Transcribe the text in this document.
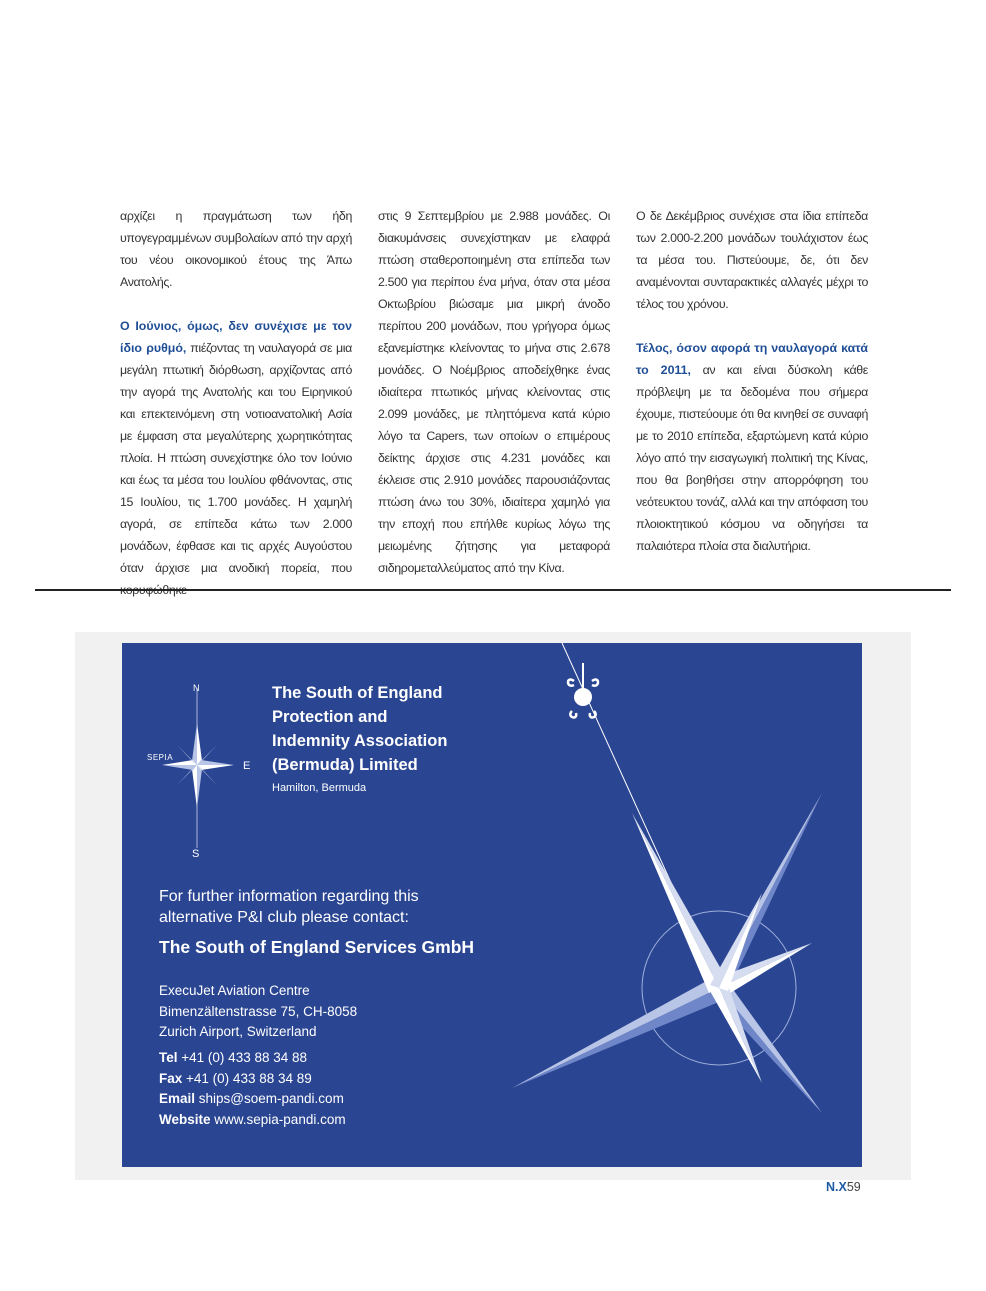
αρχίζει η πραγμάτωση των ήδη υπογεγραμμένων συμβολαίων από την αρχή του νέου οικονομικού έτους της Άπω Ανατολής.

Ο Ιούνιος, όμως, δεν συνέχισε με τον ίδιο ρυθμό, πιέζοντας τη ναυλαγορά σε μια μεγάλη πτωτική διόρθωση, αρχίζοντας από την αγορά της Ανατολής και του Ειρηνικού και επεκτεινόμενη στη νοτιοανατολική Ασία με έμφαση στα μεγαλύτερης χωρητικότητας πλοία. Η πτώση συνεχίστηκε όλο τον Ιούνιο και έως τα μέσα του Ιουλίου φθάνοντας, στις 15 Ιουλίου, τις 1.700 μονάδες. Η χαμηλή αγορά, σε επίπεδα κάτω των 2.000 μονάδων, έφθασε και τις αρχές Αυγούστου όταν άρχισε μια ανοδική πορεία, που

στις 9 Σεπτεμβρίου με 2.988 μονάδες. Οι διακυμάνσεις συνεχίστηκαν με ελαφρά πτώση σταθεροποιημένη στα επίπεδα των 2.500 για περίπου ένα μήνα, όταν στα μέσα Οκτωβρίου βιώσαμε μια μικρή άνοδο περίπου 200 μονάδων, που γρήγορα όμως εξανεμίστηκε κλείνοντας το μήνα στις 2.678 μονάδες. Ο Νοέμβριος αποδείχθηκε ένας ιδιαίτερα πτωτικός μήνας κλείνοντας στις 2.099 μονάδες, με πληττόμενα κατά κύριο λόγο τα Capers, των οποίων ο επιμέρους δείκτης άρχισε στις 4.231 μονάδες και έκλεισε στις 2.910 μονάδες παρουσιάζοντας πτώση άνω του 30%, ιδιαίτερα χαμηλό για την εποχή που επήλθε κυρίως λόγω της μειωμένης ζήτησης για μεταφορά σιδηρομεταλλεύματος από την Κίνα.

Ο δε Δεκέμβριος συνέχισε στα ίδια επίπεδα των 2.000-2.200 μονάδων τουλάχιστον έως τα μέσα του. Πιστεύουμε, δε, ότι δεν αναμένονται συνταρακτικές αλλαγές μέχρι το τέλος του χρόνου.

Τέλος, όσον αφορά τη ναυλαγορά κατά το 2011, αν και είναι δύσκολη κάθε πρόβλεψη με τα δεδομένα που σήμερα έχουμε, πιστεύουμε ότι θα κινηθεί σε συναφή με το 2010 επίπεδα, εξαρτώμενη κατά κύριο λόγο από την εισαγωγική πολιτική της Κίνας, που θα βοηθήσει στην απορρόφηση του νεότευκτου τονάζ, αλλά και την απόφαση του πλοιοκτητικού κόσμου να οδηγήσει τα παλαιότερα πλοία στα διαλυτήρια.

N
SEPIA
E
S
The South of England
Protection and
Indemnity Association
(Bermuda) Limited
Hamilton, Bermuda
For further information regarding this
alternative P&I club please contact:
The South of England Services GmbH
ExecuJet Aviation Centre
Bimenzältenstrasse 75, CH-8058
Zurich Airport, Switzerland
Tel +41 (0) 433 88 34 88
Fax +41 (0) 433 88 34 89
Email ships@soem-pandi.com
Website www.sepia-pandi.com
N.X59
